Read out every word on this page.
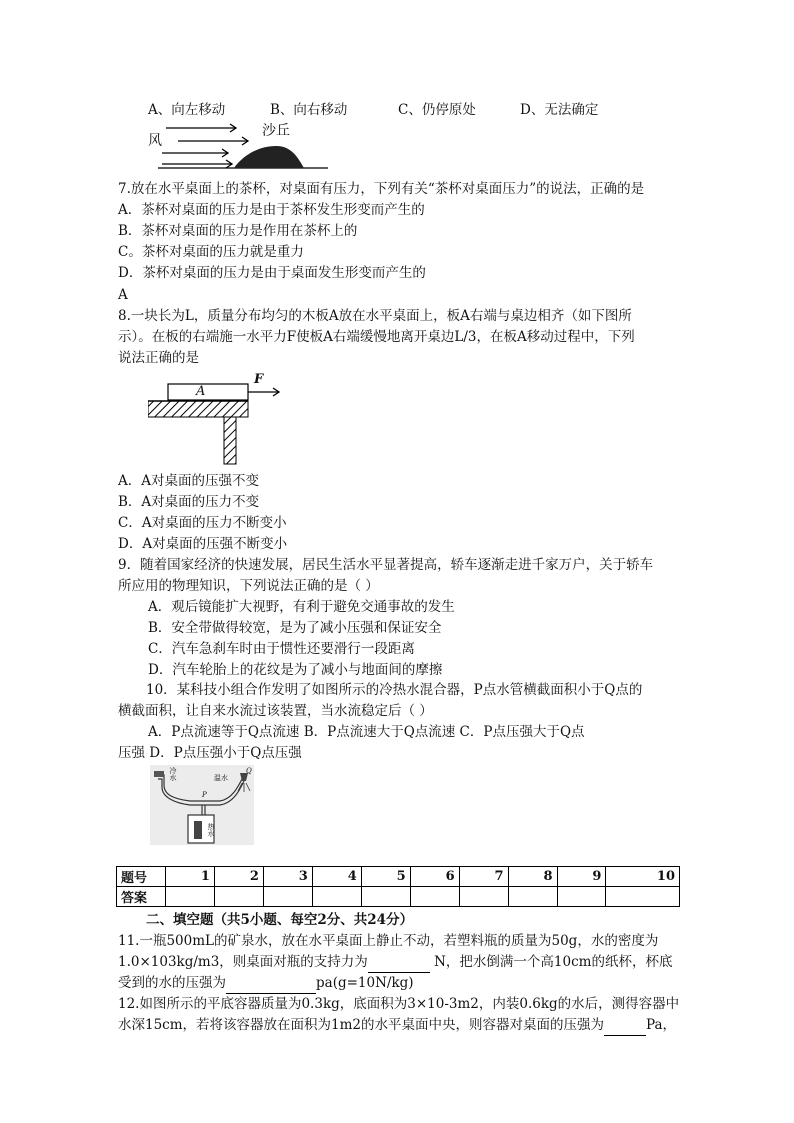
A、向左移动	B、向右移动	C、仍停原处	D、无法确定
风
沙丘
7.放在水平桌面上的茶杯，对桌面有压力，下列有关“茶杯对桌面压力”的说法，正确的是
A．茶杯对桌面的压力是由于茶杯发生形变而产生的
B．茶杯对桌面的压力是作用在茶杯上的
C。茶杯对桌面的压力就是重力
D．茶杯对桌面的压力是由于桌面发生形变而产生的
A
8.一块长为L，质量分布均匀的木板A放在水平桌面上，板A右端与桌边相齐（如下图所
示）。在板的右端施一水平力F使板A右端缓慢地离开桌边L/3，在板A移动过程中，下列
说法正确的是
A
F
A．A对桌面的压强不变
B．A对桌面的压力不变
C．A对桌面的压力不断变小
D．A对桌面的压强不断变小
9．随着国家经济的快速发展，居民生活水平显著提高，轿车逐渐走进千家万户，关于轿车
所应用的物理知识，下列说法正确的是（ ）
A．观后镜能扩大视野，有利于避免交通事故的发生
B．安全带做得较宽，是为了减小压强和保证安全
C．汽车急刹车时由于惯性还要滑行一段距离
D．汽车轮胎上的花纹是为了减小与地面间的摩擦
10．某科技小组合作发明了如图所示的冷热水混合器，P点水管横截面积小于Q点的
横截面积，让自来水流过该装置，当水流稳定后（ ）
A．P点流速等于Q点流速 B．P点流速大于Q点流速 C．P点压强大于Q点
压强 D．P点压强小于Q点压强
冷水	温水
热水
P
Q
题号	1	2	3	4	5	6	7	8	9	10
答案										
二、填空题（共5小题、每空2分、共24分）
11.一瓶500mL的矿泉水，放在水平桌面上静止不动，若塑料瓶的质量为50g，水的密度为
1.0×103kg/m3，则桌面对瓶的支持力为	N，把水倒满一个高10cm的纸杯，杯底
受到的水的压强为	pa(g=10N/kg)
12.如图所示的平底容器质量为0.3kg，底面积为3×10-3m2，内装0.6kg的水后，测得容器中
水深15cm，若将该容器放在面积为1m2的水平桌面中央，则容器对桌面的压强为	Pa，
